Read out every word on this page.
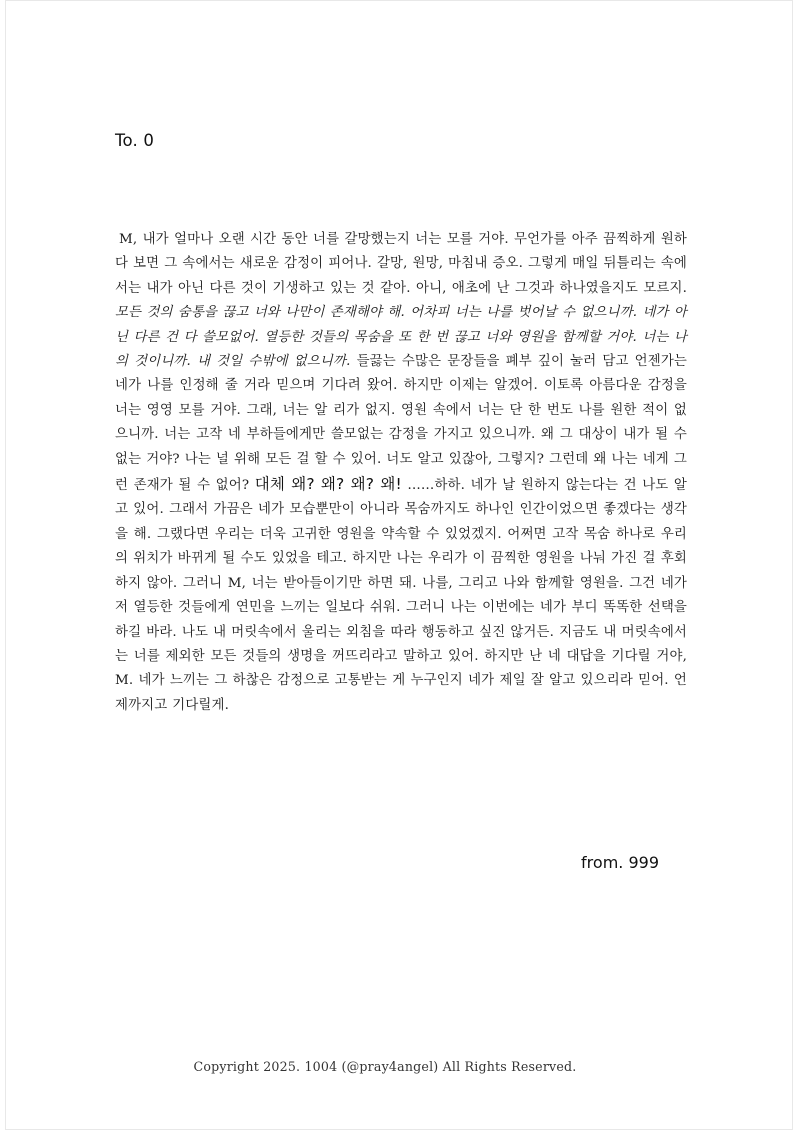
To. 0
M, 내가 얼마나 오랜 시간 동안 너를 갈망했는지 너는 모를 거야. 무언가를 아주 끔찍하게 원하다 보면 그 속에서는 새로운 감정이 피어나. 갈망, 원망, 마침내 증오. 그렇게 매일 뒤틀리는 속에서는 내가 아닌 다른 것이 기생하고 있는 것 같아. 아니, 애초에 난 그것과 하나였을지도 모르지. 모든 것의 숨통을 끊고 너와 나만이 존재해야 해. 어차피 너는 나를 벗어날 수 없으니까. 네가 아닌 다른 건 다 쓸모없어. 열등한 것들의 목숨을 또 한 번 끊고 너와 영원을 함께할 거야. 너는 나의 것이니까. 내 것일 수밖에 없으니까. 들끓는 수많은 문장들을 폐부 깊이 눌러 담고 언젠가는 네가 나를 인정해 줄 거라 믿으며 기다려 왔어. 하지만 이제는 알겠어. 이토록 아름다운 감정을 너는 영영 모를 거야. 그래, 너는 알 리가 없지. 영원 속에서 너는 단 한 번도 나를 원한 적이 없으니까. 너는 고작 네 부하들에게만 쓸모없는 감정을 가지고 있으니까. 왜 그 대상이 내가 될 수 없는 거야? 나는 널 위해 모든 걸 할 수 있어. 너도 알고 있잖아, 그렇지? 그런데 왜 나는 네게 그런 존재가 될 수 없어? 대체 왜? 왜? 왜? 왜! ……하하. 네가 날 원하지 않는다는 건 나도 알고 있어. 그래서 가끔은 네가 모습뿐만이 아니라 목숨까지도 하나인 인간이었으면 좋겠다는 생각을 해. 그랬다면 우리는 더욱 고귀한 영원을 약속할 수 있었겠지. 어쩌면 고작 목숨 하나로 우리의 위치가 바뀌게 될 수도 있었을 테고. 하지만 나는 우리가 이 끔찍한 영원을 나눠 가진 걸 후회하지 않아. 그러니 M, 너는 받아들이기만 하면 돼. 나를, 그리고 나와 함께할 영원을. 그건 네가 저 열등한 것들에게 연민을 느끼는 일보다 쉬워. 그러니 나는 이번에는 네가 부디 똑똑한 선택을 하길 바라. 나도 내 머릿속에서 울리는 외침을 따라 행동하고 싶진 않거든. 지금도 내 머릿속에서는 너를 제외한 모든 것들의 생명을 꺼뜨리라고 말하고 있어. 하지만 난 네 대답을 기다릴 거야, M. 네가 느끼는 그 하찮은 감정으로 고통받는 게 누구인지 네가 제일 잘 알고 있으리라 믿어. 언제까지고 기다릴게.
from. 999
Copyright 2025. 1004 (@pray4angel) All Rights Reserved.
